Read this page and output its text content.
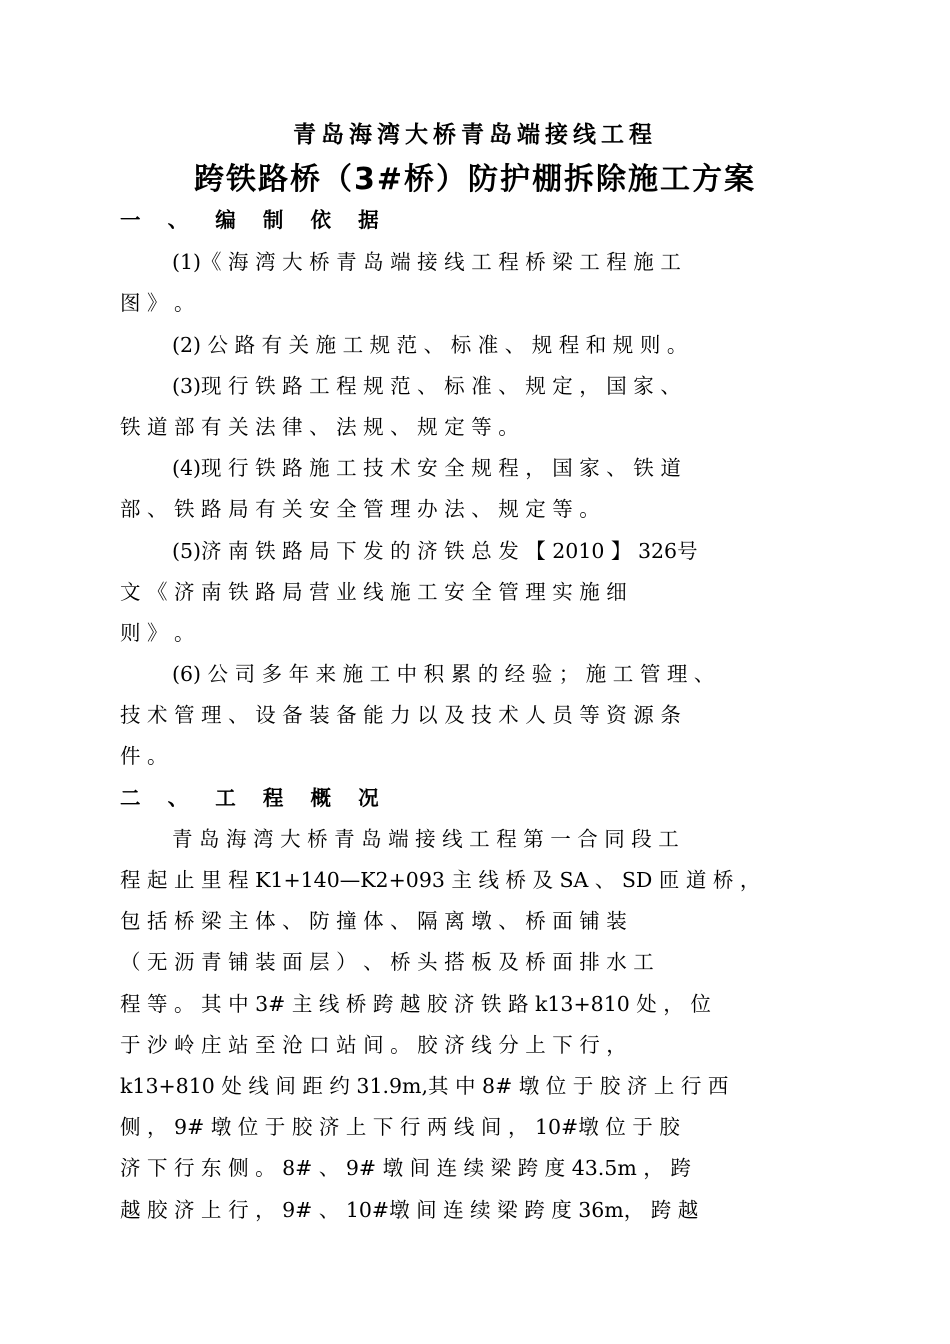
青岛海湾大桥青岛端接线工程
跨铁路桥（3#桥）防护棚拆除施工方案
一 、 编 制 依 据
(1)《 海 湾 大 桥 青 岛 端 接 线 工 程 桥 梁 工 程 施 工
图 》 。
(2) 公 路 有 关 施 工 规 范 、 标 准 、 规 程 和 规 则 。
(3)现 行 铁 路 工 程 规 范 、 标 准 、 规 定 ， 国 家 、
铁 道 部 有 关 法 律 、 法 规 、 规 定 等 。
(4)现 行 铁 路 施 工 技 术 安 全 规 程 ， 国 家 、 铁 道
部 、 铁 路 局 有 关 安 全 管 理 办 法 、 规 定 等 。
(5)济 南 铁 路 局 下 发 的 济 铁 总 发 【 2010 】 326号
文 《 济 南 铁 路 局 营 业 线 施 工 安 全 管 理 实 施 细
则 》 。
(6) 公 司 多 年 来 施 工 中 积 累 的 经 验 ； 施 工 管 理 、
技 术 管 理 、 设 备 装 备 能 力 以 及 技 术 人 员 等 资 源 条
件 。
二 、 工 程 概 况
青 岛 海 湾 大 桥 青 岛 端 接 线 工 程 第 一 合 同 段 工
程 起 止 里 程 K1+140—K2+093 主 线 桥 及 SA 、 SD 匝 道 桥 ，
包 括 桥 梁 主 体 、 防 撞 体 、 隔 离 墩 、 桥 面 铺 装
（ 无 沥 青 铺 装 面 层 ） 、 桥 头 搭 板 及 桥 面 排 水 工
程 等 。 其 中 3# 主 线 桥 跨 越 胶 济 铁 路 k13+810 处 ， 位
于 沙 岭 庄 站 至 沧 口 站 间 。 胶 济 线 分 上 下 行 ，
k13+810 处 线 间 距 约 31.9m,其 中 8# 墩 位 于 胶 济 上 行 西
侧 ， 9# 墩 位 于 胶 济 上 下 行 两 线 间 ， 10#墩 位 于 胶
济 下 行 东 侧 。 8# 、 9# 墩 间 连 续 梁 跨 度 43.5m ， 跨
越 胶 济 上 行 ， 9# 、 10#墩 间 连 续 梁 跨 度 36m， 跨 越
